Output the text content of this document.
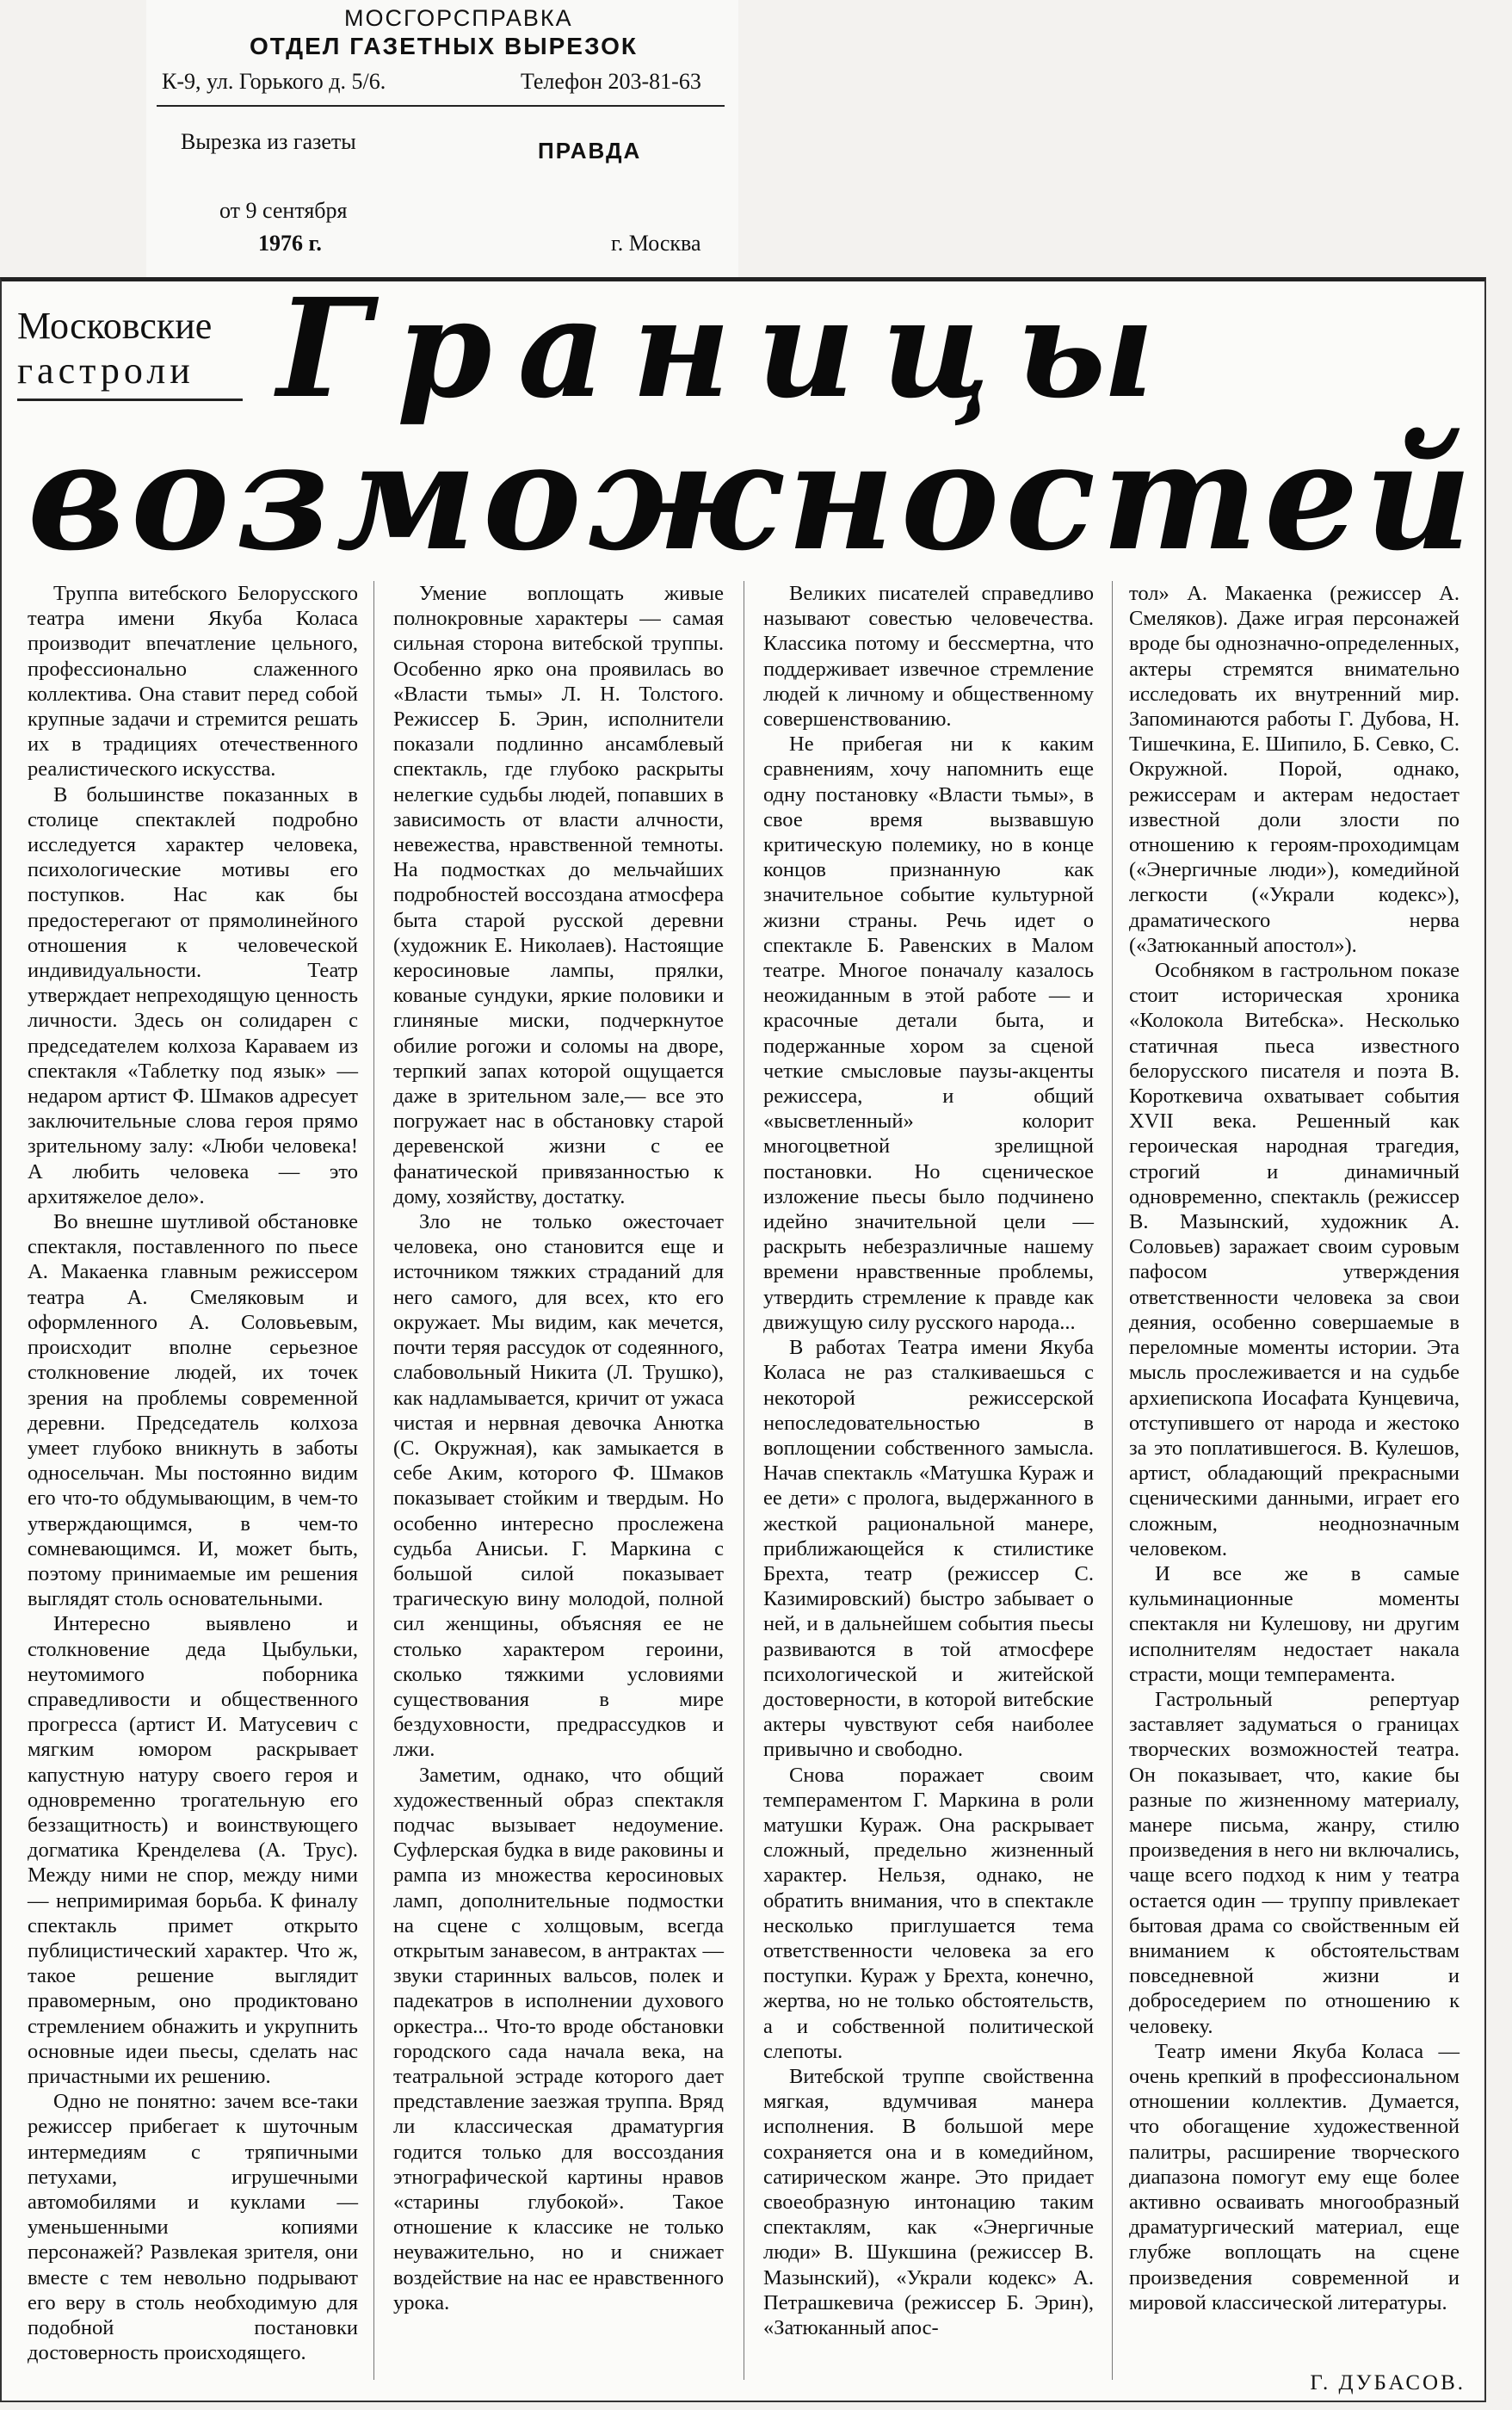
МОСГОРСПРАВКА
ОТДЕЛ ГАЗЕТНЫХ ВЫРЕЗОК
К-9, ул. Горького д. 5/6.	Телефон 203-81-63
Вырезка из газеты	ПРАВДА
от 9 сентября
1976 г.	г. Москва
Московские
гастроли Границы
возможностей

Труппа витебского Белорусского театра имени Якуба Коласа производит впечатление цельного, профессионально слаженного коллектива. Она ставит перед собой крупные задачи и стремится решать их в традициях отечественного реалистического искусства.

В большинстве показанных в столице спектаклей подробно исследуется характер человека, психологические мотивы его поступков. Нас как бы предостерегают от прямолинейного отношения к человеческой индивидуальности. Театр утверждает непреходящую ценность личности. Здесь он солидарен с председателем колхоза Караваем из спектакля «Таблетку под язык» — недаром артист Ф. Шмаков адресует заключительные слова героя прямо зрительному залу: «Люби человека! А любить человека — это архитяжелое дело».

Во внешне шутливой обстановке спектакля, поставленного по пьесе А. Макаенка главным режиссером театра А. Смеляковым и оформленного А. Соловьевым, происходит вполне серьезное столкновение людей, их точек зрения на проблемы современной деревни. Председатель колхоза умеет глубоко вникнуть в заботы односельчан. Мы постоянно видим его что-то обдумывающим, в чем-то утверждающимся, в чем-то сомневающимся. И, может быть, поэтому принимаемые им решения выглядят столь основательными.

Интересно выявлено и столкновение деда Цыбульки, неутомимого поборника справедливости и общественного прогресса (артист И. Матусевич с мягким юмором раскрывает капустную натуру своего героя и одновременно трогательную его беззащитность) и воинствующего догматика Кренделева (А. Трус). Между ними не спор, между ними — непримиримая борьба. К финалу спектакль примет открыто публицистический характер. Что ж, такое решение выглядит правомерным, оно продиктовано стремлением обнажить и укрупнить основные идеи пьесы, сделать нас причастными их решению.

Одно не понятно: зачем все-таки режиссер прибегает к шуточным интермедиям с тряпичными петухами, игрушечными автомобилями и куклами — уменьшенными копиями персонажей? Развлекая зрителя, они вместе с тем невольно подрывают его веру в столь необходимую для подобной постановки достоверность происходящего.

Умение воплощать живые полнокровные характеры — самая сильная сторона витебской труппы. Особенно ярко она проявилась во «Власти тьмы» Л. Н. Толстого. Режиссер Б. Эрин, исполнители показали подлинно ансамблевый спектакль, где глубоко раскрыты нелегкие судьбы людей, попавших в зависимость от власти алчности, невежества, нравственной темноты. На подмостках до мельчайших подробностей воссоздана атмосфера быта старой русской деревни (художник Е. Николаев). Настоящие керосиновые лампы, прялки, кованые сундуки, яркие половики и глиняные миски, подчеркнутое обилие рогожи и соломы на дворе, терпкий запах которой ощущается даже в зрительном зале,— все это погружает нас в обстановку старой деревенской жизни с ее фанатической привязанностью к дому, хозяйству, достатку.

Зло не только ожесточает человека, оно становится еще и источником тяжких страданий для него самого, для всех, кто его окружает. Мы видим, как мечется, почти теряя рассудок от содеянного, слабовольный Никита (Л. Трушко), как надламывается, кричит от ужаса чистая и нервная девочка Анютка (С. Окружная), как замыкается в себе Аким, которого Ф. Шмаков показывает стойким и твердым. Но особенно интересно прослежена судьба Анисьи. Г. Маркина с большой силой показывает трагическую вину молодой, полной сил женщины, объясняя ее не столько характером героини, сколько тяжкими условиями существования в мире бездуховности, предрассудков и лжи.

Заметим, однако, что общий художественный образ спектакля подчас вызывает недоумение. Суфлерская будка в виде раковины и рампа из множества керосиновых ламп, дополнительные подмостки на сцене с холщовым, всегда открытым занавесом, в антрактах — звуки старинных вальсов, полек и падекатров в исполнении духового оркестра... Что-то вроде обстановки городского сада начала века, на театральной эстраде которого дает представление заезжая труппа. Вряд ли классическая драматургия годится только для воссоздания этнографической картины нравов «старины глубокой». Такое отношение к классике не только неуважительно, но и снижает воздействие на нас ее нравственного урока.

Великих писателей справедливо называют совестью человечества. Классика потому и бессмертна, что поддерживает извечное стремление людей к личному и общественному совершенствованию.

Не прибегая ни к каким сравнениям, хочу напомнить еще одну постановку «Власти тьмы», в свое время вызвавшую критическую полемику, но в конце концов признанную как значительное событие культурной жизни страны. Речь идет о спектакле Б. Равенских в Малом театре. Многое поначалу казалось неожиданным в этой работе — и красочные детали быта, и подержанные хором за сценой четкие смысловые паузы-акценты режиссера, и общий «высветленный» колорит многоцветной зрелищной постановки. Но сценическое изложение пьесы было подчинено идейно значительной цели — раскрыть небезразличные нашему времени нравственные проблемы, утвердить стремление к правде как движущую силу русского народа...

В работах Театра имени Якуба Коласа не раз сталкиваешься с некоторой режиссерской непоследовательностью в воплощении собственного замысла. Начав спектакль «Матушка Кураж и ее дети» с пролога, выдержанного в жесткой рациональной манере, приближающейся к стилистике Брехта, театр (режиссер С. Казимировский) быстро забывает о ней, и в дальнейшем события пьесы развиваются в той атмосфере психологической и житейской достоверности, в которой витебские актеры чувствуют себя наиболее привычно и свободно.

Снова поражает своим темпераментом Г. Маркина в роли матушки Кураж. Она раскрывает сложный, предельно жизненный характер. Нельзя, однако, не обратить внимания, что в спектакле несколько приглушается тема ответственности человека за его поступки. Кураж у Брехта, конечно, жертва, но не только обстоятельств, а и собственной политической слепоты.

Витебской труппе свойственна мягкая, вдумчивая манера исполнения. В большой мере сохраняется она и в комедийном, сатирическом жанре. Это придает своеобразную интонацию таким спектаклям, как «Энергичные люди» В. Шукшина (режиссер В. Мазынский), «Украли кодекс» А. Петрашкевича (режиссер Б. Эрин), «Затюканный апос-

тол» А. Макаенка (режиссер А. Смеляков). Даже играя персонажей вроде бы однозначно-определенных, актеры стремятся внимательно исследовать их внутренний мир. Запоминаются работы Г. Дубова, Н. Тишечкина, Е. Шипило, Б. Севко, С. Окружной. Порой, однако, режиссерам и актерам недостает известной доли злости по отношению к героям-проходимцам («Энергичные люди»), комедийной легкости («Украли кодекс»), драматического нерва («Затюканный апостол»).

Особняком в гастрольном показе стоит историческая хроника «Колокола Витебска». Несколько статичная пьеса известного белорусского писателя и поэта В. Короткевича охватывает события XVII века. Решенный как героическая народная трагедия, строгий и динамичный одновременно, спектакль (режиссер В. Мазынский, художник А. Соловьев) заражает своим суровым пафосом утверждения ответственности человека за свои деяния, особенно совершаемые в переломные моменты истории. Эта мысль прослеживается и на судьбе архиепископа Иосафата Кунцевича, отступившего от народа и жестоко за это поплатившегося. В. Кулешов, артист, обладающий прекрасными сценическими данными, играет его сложным, неоднозначным человеком.

И все же в самые кульминационные моменты спектакля ни Кулешову, ни другим исполнителям недостает накала страсти, мощи темперамента.

Гастрольный репертуар заставляет задуматься о границах творческих возможностей театра. Он показывает, что, какие бы разные по жизненному материалу, манере письма, жанру, стилю произведения в него ни включались, чаще всего подход к ним у театра остается один — труппу привлекает бытовая драма со свойственным ей вниманием к обстоятельствам повседневной жизни и доброседерием по отношению к человеку.

Театр имени Якуба Коласа — очень крепкий в профессиональном отношении коллектив. Думается, что обогащение художественной палитры, расширение творческого диапазона помогут ему еще более активно осваивать многообразный драматургический материал, еще глубже воплощать на сцене произведения современной и мировой классической литературы.

Г. ДУБАСОВ.
